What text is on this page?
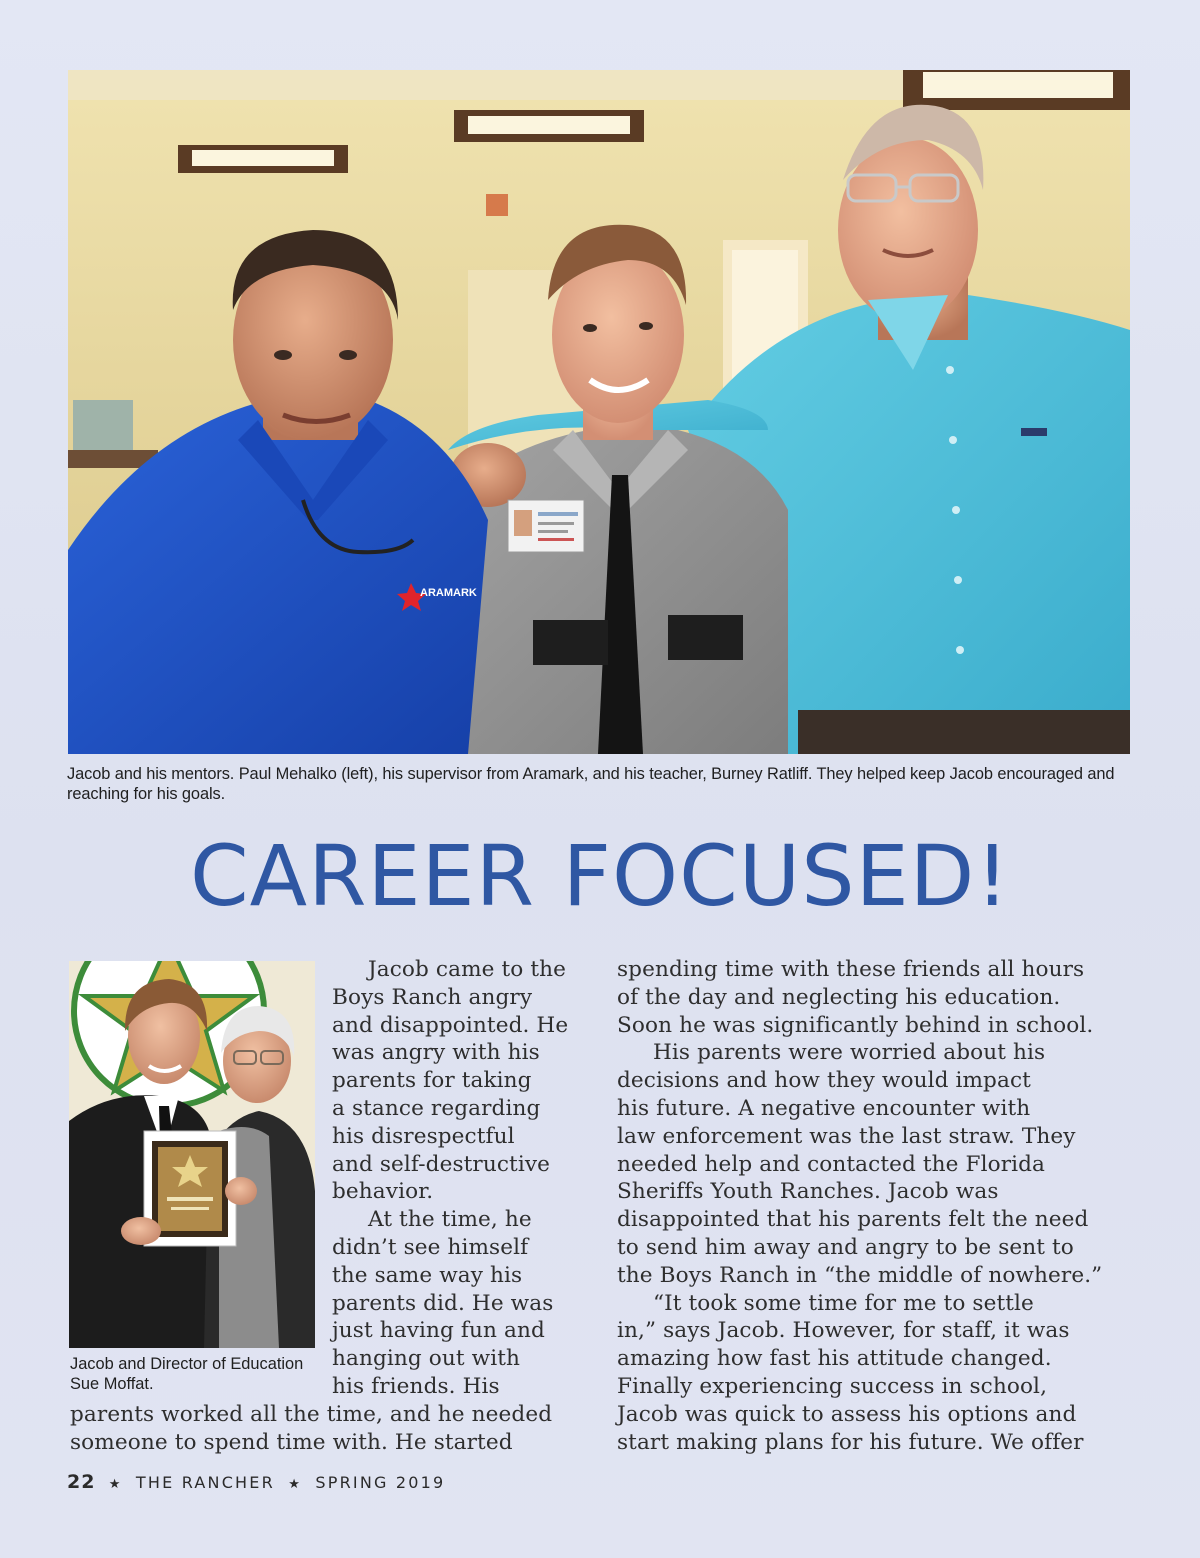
ARAMARK
Jacob and his mentors. Paul Mehalko (left), his supervisor from Aramark, and his teacher, Burney Ratliff. They helped keep Jacob encouraged and reaching for his goals.
CAREER FOCUSED!
Jacob and Director of Education
Sue Moffat.
Jacob came to the
Boys Ranch angry
and disappointed. He
was angry with his
parents for taking
a stance regarding
his disrespectful
and self-destructive
behavior.
At the time, he
didn’t see himself
the same way his
parents did. He was
just having fun and
hanging out with
his friends. His
parents worked all the time, and he needed
someone to spend time with. He started
spending time with these friends all hours
of the day and neglecting his education.
Soon he was significantly behind in school.
His parents were worried about his
decisions and how they would impact
his future. A negative encounter with
law enforcement was the last straw. They
needed help and contacted the Florida
Sheriffs Youth Ranches. Jacob was
disappointed that his parents felt the need
to send him away and angry to be sent to
the Boys Ranch in “the middle of nowhere.”
“It took some time for me to settle
in,” says Jacob. However, for staff, it was
amazing how fast his attitude changed.
Finally experiencing success in school,
Jacob was quick to assess his options and
start making plans for his future. We offer
22 ★ THE RANCHER ★ SPRING 2019
